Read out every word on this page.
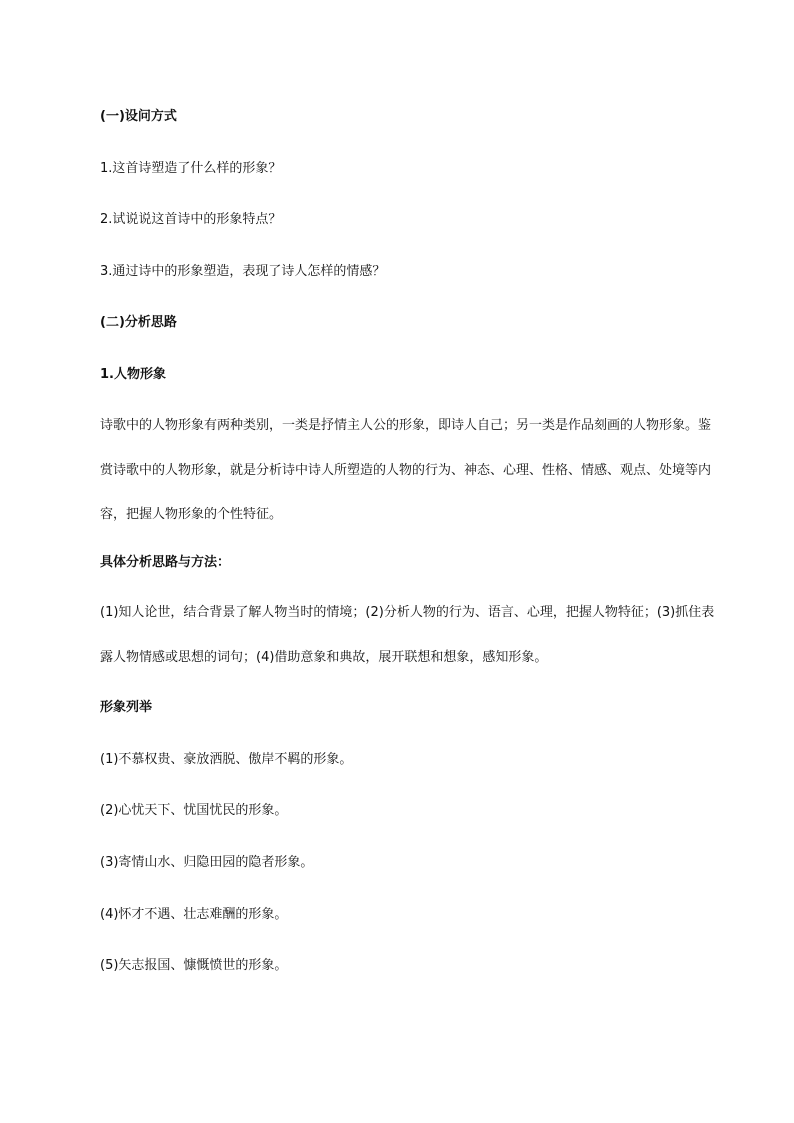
(一)设问方式
1.这首诗塑造了什么样的形象？
2.试说说这首诗中的形象特点？
3.通过诗中的形象塑造，表现了诗人怎样的情感？
(二)分析思路
1.人物形象
诗歌中的人物形象有两种类别，一类是抒情主人公的形象，即诗人自己；另一类是作品刻画的人物形象。鉴赏诗歌中的人物形象，就是分析诗中诗人所塑造的人物的行为、神态、心理、性格、情感、观点、处境等内容，把握人物形象的个性特征。
具体分析思路与方法：
(1)知人论世，结合背景了解人物当时的情境；(2)分析人物的行为、语言、心理，把握人物特征；(3)抓住表露人物情感或思想的词句；(4)借助意象和典故，展开联想和想象，感知形象。
形象列举
(1)不慕权贵、豪放洒脱、傲岸不羁的形象。
(2)心忧天下、忧国忧民的形象。
(3)寄情山水、归隐田园的隐者形象。
(4)怀才不遇、壮志难酬的形象。
(5)矢志报国、慷慨愤世的形象。
